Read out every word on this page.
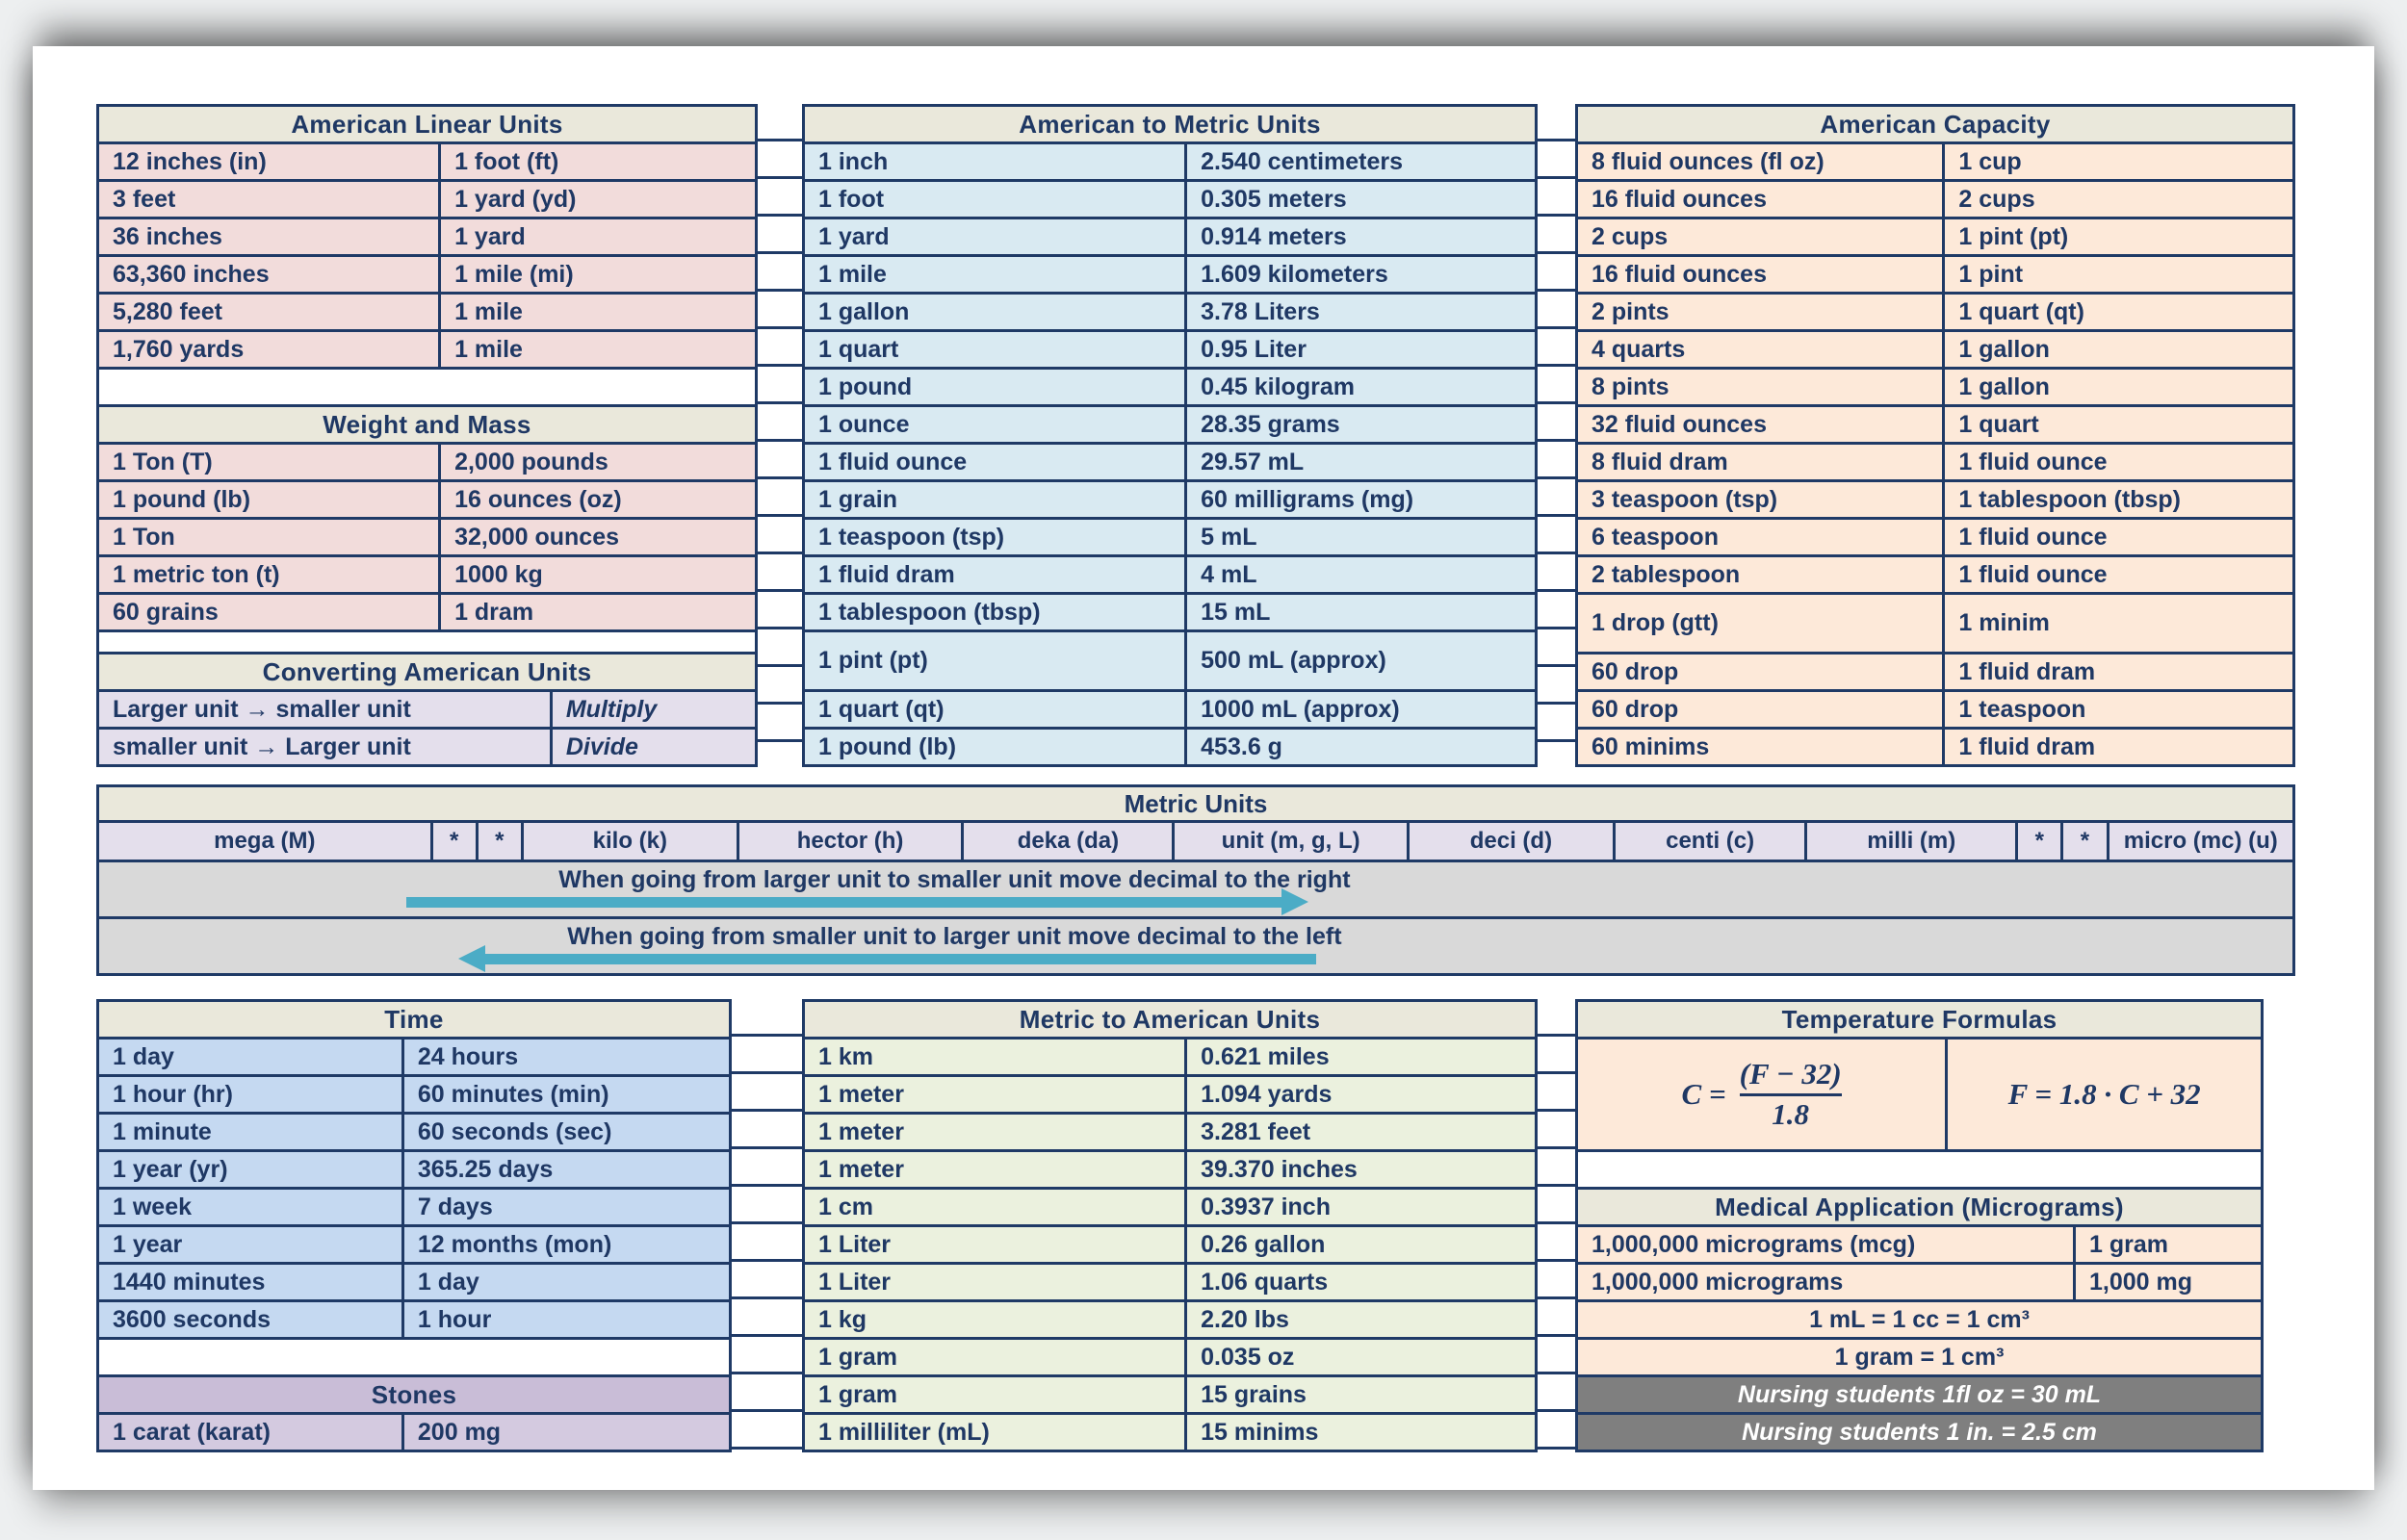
American Linear Units
12 inches (in)	1 foot (ft)
3 feet	1 yard (yd)
36 inches	1 yard
63,360 inches	1 mile (mi)
5,280 feet	1 mile
1,760 yards	1 mile
Weight and Mass
1 Ton (T)	2,000 pounds
1 pound (lb)	16 ounces (oz)
1 Ton	32,000 ounces
1 metric ton (t)	1000 kg
60 grains	1 dram
Converting American Units
Larger unit → smaller unit	Multiply
smaller unit → Larger unit	Divide
American to Metric Units
1 inch	2.540 centimeters
1 foot	0.305 meters
1 yard	0.914 meters
1 mile	1.609 kilometers
1 gallon	3.78 Liters
1 quart	0.95 Liter
1 pound	0.45 kilogram
1 ounce	28.35 grams
1 fluid ounce	29.57 mL
1 grain	60 milligrams (mg)
1 teaspoon (tsp)	5 mL
1 fluid dram	4 mL
1 tablespoon (tbsp)	15 mL
1 pint (pt)	500 mL (approx)
1 quart (qt)	1000 mL (approx)
1 pound (lb)	453.6 g
American Capacity
8 fluid ounces (fl oz)	1 cup
16 fluid ounces	2 cups
2 cups	1 pint (pt)
16 fluid ounces	1 pint
2 pints	1 quart (qt)
4 quarts	1 gallon
8 pints	1 gallon
32 fluid ounces	1 quart
8 fluid dram	1 fluid ounce
3 teaspoon (tsp)	1 tablespoon (tbsp)
6 teaspoon	1 fluid ounce
2 tablespoon	1 fluid ounce
1 drop (gtt)	1 minim
60 drop	1 fluid dram
60 drop	1 teaspoon
60 minims	1 fluid dram
Metric Units
mega (M)	*	*	kilo (k)	hector (h)	deka (da)	unit (m, g, L)	deci (d)	centi (c)	milli (m)	*	*	micro (mc) (u)
When going from larger unit to smaller unit move decimal to the right
When going from smaller unit to larger unit move decimal to the left
Time
1 day	24 hours
1 hour (hr)	60 minutes (min)
1 minute	60 seconds (sec)
1 year (yr)	365.25 days
1 week	7 days
1 year	12 months (mon)
1440 minutes	1 day
3600 seconds	1 hour
Stones
1 carat (karat)	200 mg
Metric to American Units
1 km	0.621 miles
1 meter	1.094 yards
1 meter	3.281 feet
1 meter	39.370 inches
1 cm	0.3937 inch
1 Liter	0.26 gallon
1 Liter	1.06 quarts
1 kg	2.20 lbs
1 gram	0.035 oz
1 gram	15 grains
1 milliliter (mL)	15 minims
Temperature Formulas
$C = \frac{(F - 32)}{1.8}$	F = 1.8 · C + 32
Medical Application (Micrograms)
1,000,000 micrograms (mcg)	1 gram
1,000,000 micrograms	1,000 mg
1 mL = 1 cc = 1 cm³
1 gram = 1 cm³
Nursing students 1fl oz = 30 mL
Nursing students 1 in. = 2.5 cm
